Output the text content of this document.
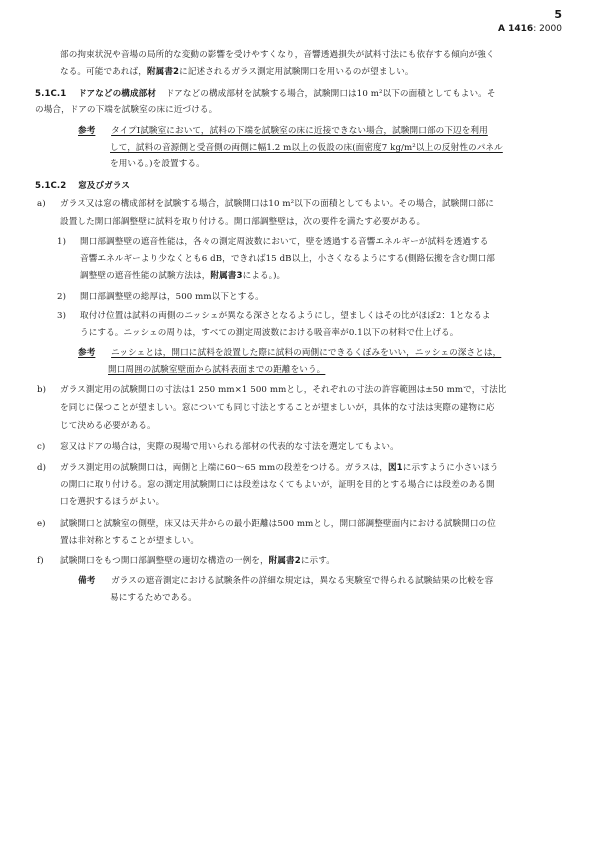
5
A 1416: 2000
部の拘束状況や音場の局所的な変動の影響を受けやすくなり，音響透過損失が試料寸法にも依存する傾向が強く
なる。可能であれば，附属書2に記述されるガラス測定用試験開口を用いるのが望ましい。
5.1C.1 ドアなどの構成部材 ドアなどの構成部材を試験する場合，試験開口は10 m²以下の面積としてもよい。そ
の場合，ドアの下端を試験室の床に近づける。
参考 タイプⅠ試験室において，試料の下端を試験室の床に近接できない場合，試験開口部の下辺を利用
して，試料の音源側と受音側の両側に幅1.2 m以上の仮設の床(面密度7 kg/m²以上の反射性のパネル
を用いる。)を設置する。
5.1C.2 窓及びガラス
a) ガラス又は窓の構成部材を試験する場合，試験開口は10 m²以下の面積としてもよい。その場合，試験開口部に
設置した開口部調整壁に試料を取り付ける。開口部調整壁は，次の要件を満たす必要がある。
1) 開口部調整壁の遮音性能は，各々の測定周波数において，壁を透過する音響エネルギーが試料を透過する
音響エネルギーより少なくとも6 dB，できれば15 dB以上，小さくなるようにする(側路伝搬を含む開口部
調整壁の遮音性能の試験方法は，附属書3による。)。
2) 開口部調整壁の総厚は，500 mm以下とする。
3) 取付け位置は試料の両側のニッシェが異なる深さとなるようにし，望ましくはその比がほぼ2：1となるよ
うにする。ニッシェの周りは，すべての測定周波数における吸音率が0.1以下の材料で仕上げる。
参考 ニッシェとは，開口に試料を設置した際に試料の両側にできるくぼみをいい，ニッシェの深さとは，
開口周囲の試験室壁面から試料表面までの距離をいう。
b) ガラス測定用の試験開口の寸法は1 250 mm×1 500 mmとし，それぞれの寸法の許容範囲は±50 mmで，寸法比
を同じに保つことが望ましい。窓についても同じ寸法とすることが望ましいが，具体的な寸法は実際の建物に応
じて決める必要がある。
c) 窓又はドアの場合は，実際の現場で用いられる部材の代表的な寸法を選定してもよい。
d) ガラス測定用の試験開口は，両側と上端に60～65 mmの段差をつける。ガラスは，図1に示すように小さいほう
の開口に取り付ける。窓の測定用試験開口には段差はなくてもよいが，証明を目的とする場合には段差のある開
口を選択するほうがよい。
e) 試験開口と試験室の側壁，床又は天井からの最小距離は500 mmとし，開口部調整壁面内における試験開口の位
置は非対称とすることが望ましい。
f) 試験開口をもつ開口部調整壁の適切な構造の一例を，附属書2に示す。
備考 ガラスの遮音測定における試験条件の詳細な規定は，異なる実験室で得られる試験結果の比較を容
易にするためである。
